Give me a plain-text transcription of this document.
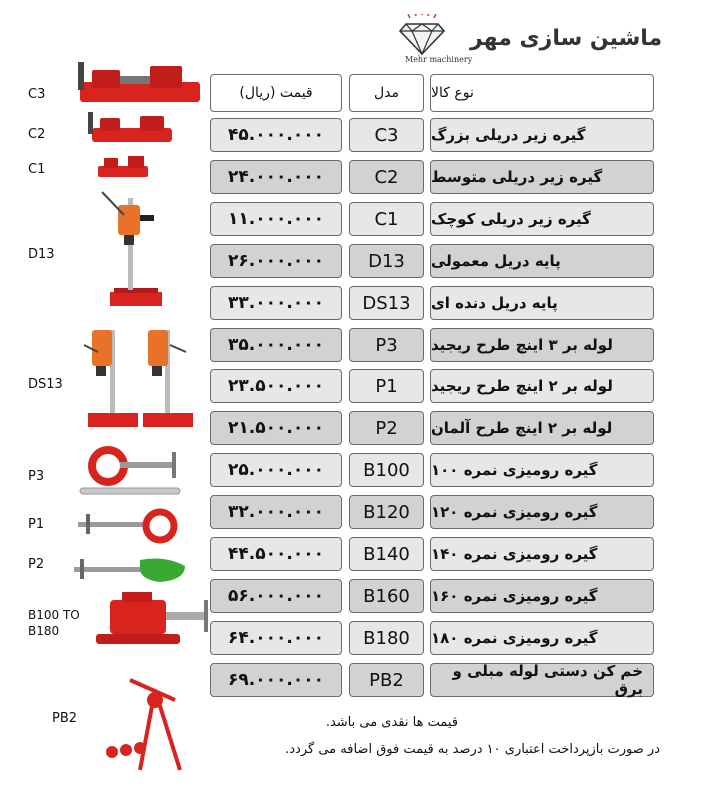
ماشین سازی مهر
Mehr machinery
نوع کالا
مدل
قیمت (ریال)
گیره زیر دریلی بزرگ
C3
۴۵.۰۰۰.۰۰۰
گیره زیر دریلی متوسط
C2
۲۴.۰۰۰.۰۰۰
گیره زیر دریلی کوچک
C1
۱۱.۰۰۰.۰۰۰
پایه دریل معمولی
D13
۲۶.۰۰۰.۰۰۰
پایه دریل دنده ای
DS13
۳۳.۰۰۰.۰۰۰
لوله بر ۳ اینچ طرح ریجید
P3
۳۵.۰۰۰.۰۰۰
لوله بر ۲ اینچ طرح ریجید
P1
۲۳.۵۰۰.۰۰۰
لوله بر ۲ اینچ طرح آلمان
P2
۲۱.۵۰۰.۰۰۰
گیره رومیزی نمره ۱۰۰
B100
۲۵.۰۰۰.۰۰۰
گیره رومیزی نمره ۱۲۰
B120
۳۲.۰۰۰.۰۰۰
گیره رومیزی نمره ۱۴۰
B140
۴۴.۵۰۰.۰۰۰
گیره رومیزی نمره ۱۶۰
B160
۵۶.۰۰۰.۰۰۰
گیره رومیزی نمره ۱۸۰
B180
۶۴.۰۰۰.۰۰۰
خم کن دستی لوله مبلی و برق
PB2
۶۹.۰۰۰.۰۰۰
C3
C2
C1
D13
DS13
P3
P1
P2
B100 TO
B180
PB2	قیمت ها نقدی می باشد.
در صورت بازپرداخت اعتباری ۱۰ درصد به قیمت فوق اضافه می گردد.
